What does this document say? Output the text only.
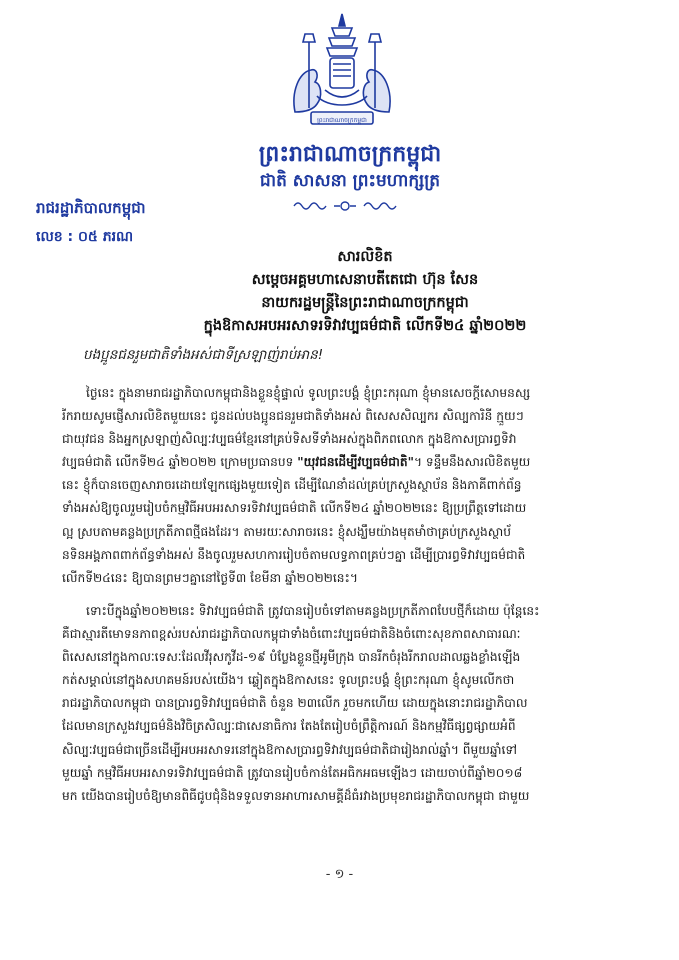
ព្រះរាជាណាចក្រកម្ពុជា
ព្រះរាជាណាចក្រកម្ពុជា
ជាតិ សាសនា ព្រះមហាក្សត្រ
រាជរដ្ឋាភិបាលកម្ពុជា
លេខ : ០៥ ភរណ
សារលិខិត
សម្តេចអគ្គមហាសេនាបតីតេជោ ហ៊ុន សែន
នាយករដ្ឋមន្ត្រីនៃព្រះរាជាណាចក្រកម្ពុជា
ក្នុងឱកាសអបអរសាទរទិវាវប្បធម៌ជាតិ លើកទី២៤ ឆ្នាំ២០២២
បងប្អូនជនរួមជាតិទាំងអស់ជាទីស្រឡាញ់រាប់អាន!
ថ្ងៃនេះ ក្នុងនាមរាជរដ្ឋាភិបាលកម្ពុជានិងខ្លួនខ្ញុំផ្ទាល់ ទូលព្រះបង្គំ ខ្ញុំព្រះករុណា ខ្ញុំមានសេចក្តីសោមនស្ស
រីករាយសូមផ្ញើសារលិខិតមួយនេះ ជូនដល់បងប្អូនជនរួមជាតិទាំងអស់ ពិសេសសិល្បករ សិល្បការិនី ក្មួយៗ
ជាយុវជន និងអ្នកស្រឡាញ់សិល្បៈវប្បធម៌ខ្មែរនៅគ្រប់ទិសទីទាំងអស់ក្នុងពិភពលោក ក្នុងឱកាសប្រារព្ធទិវា
វប្បធម៌ជាតិ លើកទី២៤ ឆ្នាំ២០២២ ក្រោមប្រធានបទ "យុវជនដើម្បីវប្បធម៌ជាតិ"។ ទន្ទឹមនឹងសារលិខិតមួយ
នេះ ខ្ញុំក៏បានចេញសារាចរដោយឡែកផ្សេងមួយទៀត ដើម្បីណែនាំដល់គ្រប់ក្រសួងស្ថាប័ន និងភាគីពាក់ព័ន្ធ
ទាំងអស់ឱ្យចូលរួមរៀបចំកម្មវិធីអបអរសាទរទិវាវប្បធម៌ជាតិ លើកទី២៤ ឆ្នាំ២០២២នេះ ឱ្យប្រព្រឹត្តទៅដោយ
ល្អ ស្របតាមគន្លងប្រក្រតីភាពថ្មីផងដែរ។ តាមរយៈសារាចរនេះ ខ្ញុំសង្ឃឹមយ៉ាងមុតមាំថាគ្រប់ក្រសួងស្ថាប័
នទិនអង្គភាពពាក់ព័ន្ធទាំងអស់ នឹងចូលរួមសហការរៀបចំតាមលទ្ធភាពគ្រប់ៗគ្នា ដើម្បីប្រារព្ធទិវាវប្បធម៌ជាតិ
លើកទី២៤នេះ ឱ្យបានព្រមៗគ្នានៅថ្ងៃទី៣ ខែមីនា ឆ្នាំ២០២២នេះ។
ទោះបីក្នុងឆ្នាំ២០២២នេះ ទិវាវប្បធម៌ជាតិ ត្រូវបានរៀបចំទៅតាមគន្លងប្រក្រតីភាពបែបថ្មីក៏ដោយ ប៉ុន្តែនេះ
គឺជាស្មារតីមោទនភាពខ្ពស់របស់រាជរដ្ឋាភិបាលកម្ពុជាទាំងចំពោះវប្បធម៌ជាតិនិងចំពោះសុខភាពសាធារណៈ
ពិសេសនៅក្នុងកាលៈទេសៈដែលវីរុសកូវីដ-១៩ បំប្លែងខ្លួនថ្មីអូមីក្រុង បានរីកចំរុងរីករាលដាលឆ្លងខ្លាំងឡើង
កត់សម្គាល់នៅក្នុងសហគមន៍របស់យើង។ ឆ្លៀតក្នុងឱកាសនេះ ទូលព្រះបង្គំ ខ្ញុំព្រះករុណា ខ្ញុំសូមលើកថា
រាជរដ្ឋាភិបាលកម្ពុជា បានប្រារព្ធទិវាវប្បធម៌ជាតិ ចំនួន ២៣លើក រួចមកហើយ ដោយក្នុងនោះរាជរដ្ឋាភិបាល
ដែលមានក្រសួងវប្បធម៌និងវិចិត្រសិល្បៈជាសេនាធិការ តែងតែរៀបចំព្រឹត្តិការណ៍ និងកម្មវិធីផ្សព្វផ្សាយអំពី
សិល្បៈវប្បធម៌ជាច្រើនដើម្បីអបអរសាទរនៅក្នុងឱកាសប្រារព្ធទិវាវប្បធម៌ជាតិជារៀងរាល់ឆ្នាំ។ ពីមួយឆ្នាំទៅ
មួយឆ្នាំ កម្មវិធីអបអរសាទរទិវាវប្បធម៌ជាតិ ត្រូវបានរៀបចំកាន់តែអធិកអធមឡើងៗ ដោយចាប់ពីឆ្នាំ២០១៨
មក យើងបានរៀបចំឱ្យមានពិធីជូបជុំនិងទទួលទានអាហារសាមគ្គីដ៏ធំរវាងប្រមុខរាជរដ្ឋាភិបាលកម្ពុជា ជាមួយ
- ១ -
